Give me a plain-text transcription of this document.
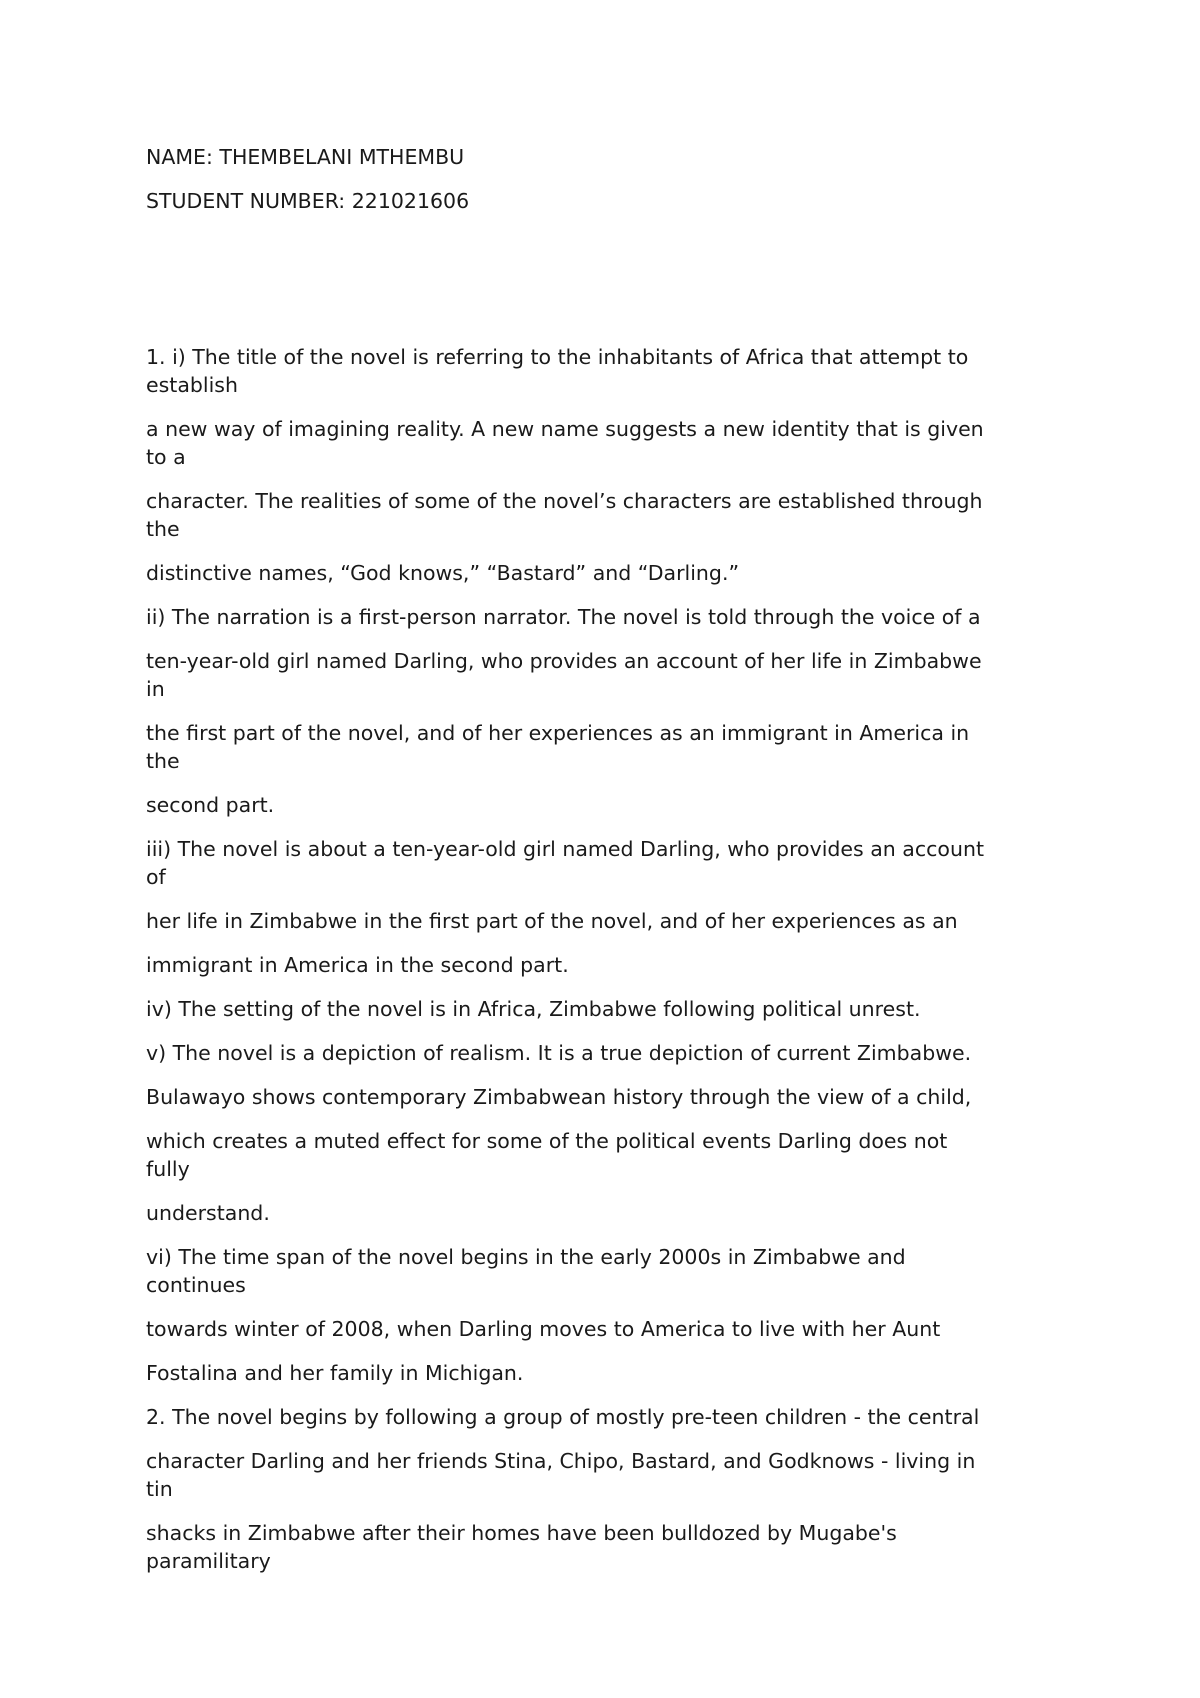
NAME: THEMBELANI MTHEMBU
STUDENT NUMBER: 221021606
1. i) The title of the novel is referring to the inhabitants of Africa that attempt to
establish
a new way of imagining reality. A new name suggests a new identity that is given
to a
character. The realities of some of the novel’s characters are established through
the
distinctive names, “God knows,” “Bastard” and “Darling.”
ii) The narration is a first-person narrator. The novel is told through the voice of a
ten-year-old girl named Darling, who provides an account of her life in Zimbabwe
in
the first part of the novel, and of her experiences as an immigrant in America in
the
second part.
iii) The novel is about a ten-year-old girl named Darling, who provides an account
of
her life in Zimbabwe in the first part of the novel, and of her experiences as an
immigrant in America in the second part.
iv) The setting of the novel is in Africa, Zimbabwe following political unrest.
v) The novel is a depiction of realism. It is a true depiction of current Zimbabwe.
Bulawayo shows contemporary Zimbabwean history through the view of a child,
which creates a muted effect for some of the political events Darling does not
fully
understand.
vi) The time span of the novel begins in the early 2000s in Zimbabwe and
continues
towards winter of 2008, when Darling moves to America to live with her Aunt
Fostalina and her family in Michigan.
2. The novel begins by following a group of mostly pre-teen children - the central
character Darling and her friends Stina, Chipo, Bastard, and Godknows - living in
tin
shacks in Zimbabwe after their homes have been bulldozed by Mugabe's
paramilitary
